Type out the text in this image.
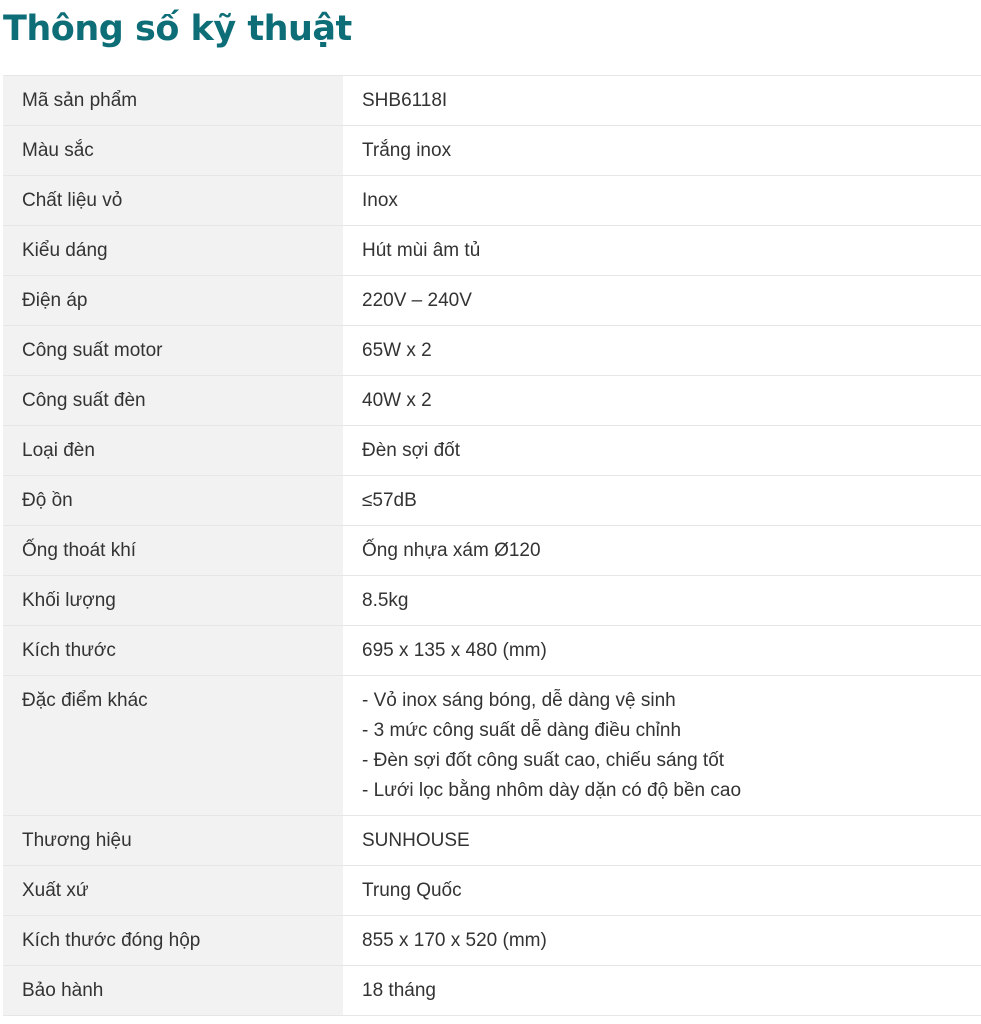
Thông số kỹ thuật
Mã sản phẩm	SHB6118I
Màu sắc	Trắng inox
Chất liệu vỏ	Inox
Kiểu dáng	Hút mùi âm tủ
Điện áp	220V – 240V
Công suất motor	65W x 2
Công suất đèn	40W x 2
Loại đèn	Đèn sợi đốt
Độ ồn	≤57dB
Ống thoát khí	Ống nhựa xám Ø120
Khối lượng	8.5kg
Kích thước	695 x 135 x 480 (mm)
Đặc điểm khác	- Vỏ inox sáng bóng, dễ dàng vệ sinh
- 3 mức công suất dễ dàng điều chỉnh
- Đèn sợi đốt công suất cao, chiếu sáng tốt
- Lưới lọc bằng nhôm dày dặn có độ bền cao

Thương hiệu	SUNHOUSE
Xuất xứ	Trung Quốc
Kích thước đóng hộp	855 x 170 x 520 (mm)
Bảo hành	18 tháng
